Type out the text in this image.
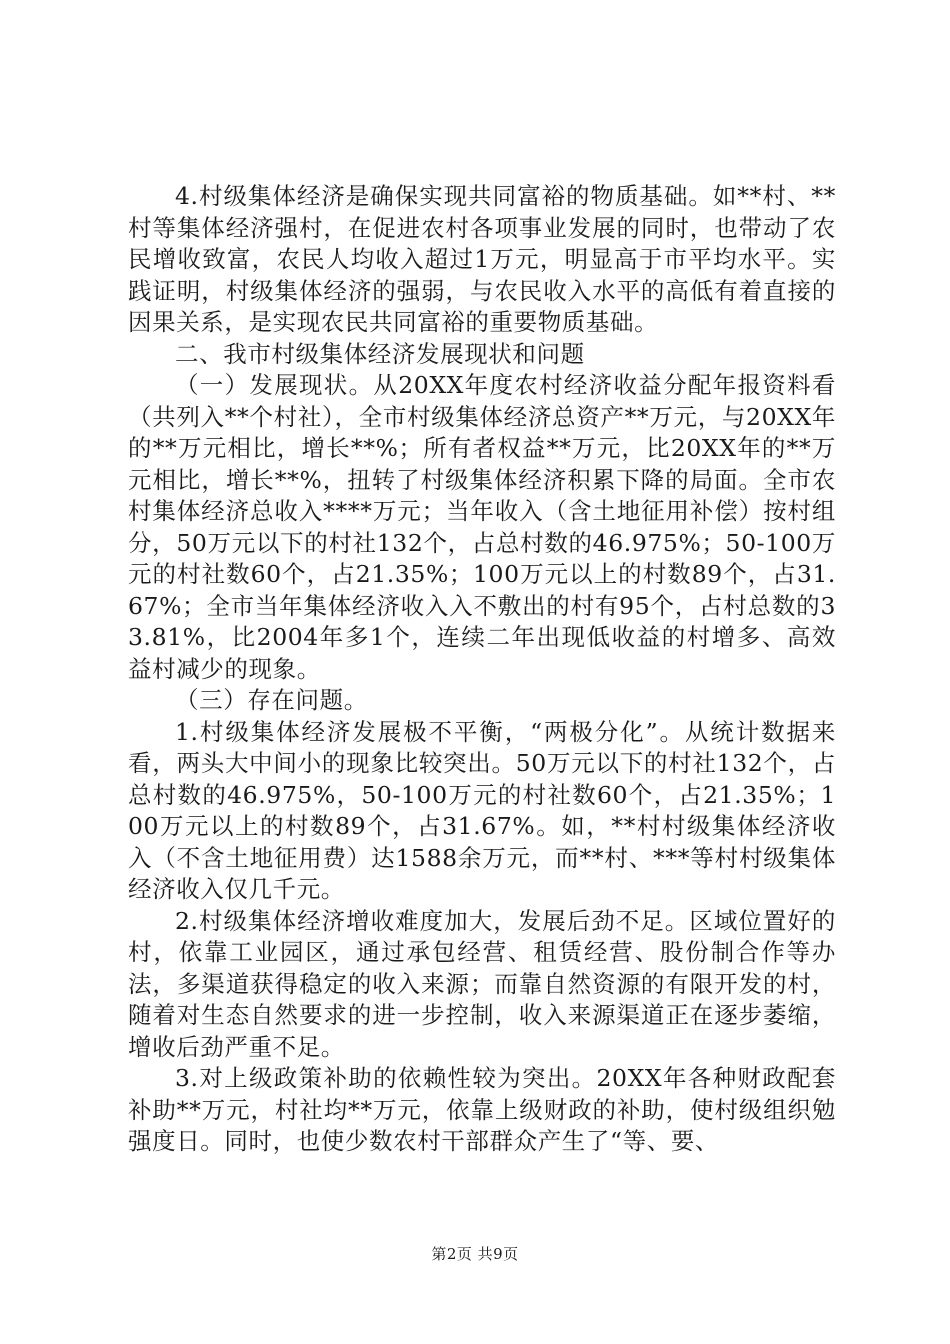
4.村级集体经济是确保实现共同富裕的物质基础。如**村、**村等集体经济强村，在促进农村各项事业发展的同时，也带动了农民增收致富，农民人均收入超过1万元，明显高于市平均水平。实践证明，村级集体经济的强弱，与农民收入水平的高低有着直接的因果关系，是实现农民共同富裕的重要物质基础。

二、我市村级集体经济发展现状和问题

（一）发展现状。从20XX年度农村经济收益分配年报资料看（共列入**个村社），全市村级集体经济总资产**万元，与20XX年的**万元相比，增长**%；所有者权益**万元，比20XX年的**万元相比，增长**%，扭转了村级集体经济积累下降的局面。全市农村集体经济总收入****万元；当年收入（含土地征用补偿）按村组分，50万元以下的村社132个，占总村数的46.975%；50-100万元的村社数60个，占21.35%；100万元以上的村数89个，占31.67%；全市当年集体经济收入入不敷出的村有95个，占村总数的33.81%，比2004年多1个，连续二年出现低收益的村增多、高效益村减少的现象。

（三）存在问题。

1.村级集体经济发展极不平衡，“两极分化”。从统计数据来看，两头大中间小的现象比较突出。50万元以下的村社132个，占总村数的46.975%，50-100万元的村社数60个，占21.35%；100万元以上的村数89个，占31.67%。如，**村村级集体经济收入（不含土地征用费）达1588余万元，而**村、***等村村级集体经济收入仅几千元。

2.村级集体经济增收难度加大，发展后劲不足。区域位置好的村，依靠工业园区，通过承包经营、租赁经营、股份制合作等办法，多渠道获得稳定的收入来源；而靠自然资源的有限开发的村，随着对生态自然要求的进一步控制，收入来源渠道正在逐步萎缩，增收后劲严重不足。

3.对上级政策补助的依赖性较为突出。20XX年各种财政配套补助**万元，村社均**万元，依靠上级财政的补助，使村级组织勉强度日。同时，也使少数农村干部群众产生了“等、要、

第2页 共9页
